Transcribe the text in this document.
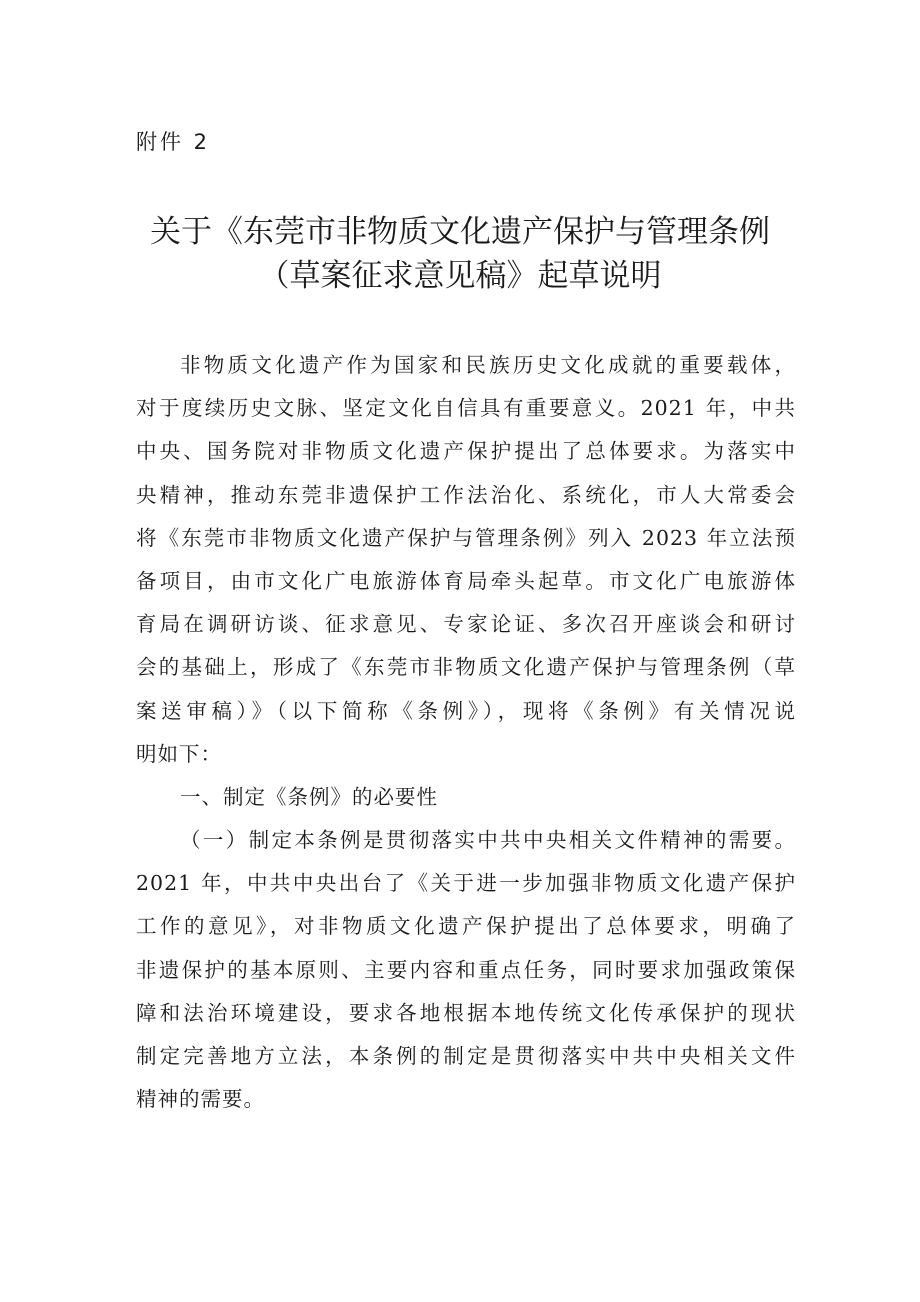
附件 2
关于《东莞市非物质文化遗产保护与管理条例
（草案征求意见稿》起草说明
非物质文化遗产作为国家和民族历史文化成就的重要载体，
对于度续历史文脉、坚定文化自信具有重要意义。2021 年，中共
中央、国务院对非物质文化遗产保护提出了总体要求。为落实中
央精神，推动东莞非遗保护工作法治化、系统化，市人大常委会
将《东莞市非物质文化遗产保护与管理条例》列入 2023 年立法预
备项目，由市文化广电旅游体育局牵头起草。市文化广电旅游体
育局在调研访谈、征求意见、专家论证、多次召开座谈会和研讨
会的基础上，形成了《东莞市非物质文化遗产保护与管理条例（草
案送审稿）》（以下简称《条例》），现将《条例》有关情况说
明如下：
一、制定《条例》的必要性
（一）制定本条例是贯彻落实中共中央相关文件精神的需要。
2021 年，中共中央出台了《关于进一步加强非物质文化遗产保护
工作的意见》，对非物质文化遗产保护提出了总体要求，明确了
非遗保护的基本原则、主要内容和重点任务，同时要求加强政策保
障和法治环境建设，要求各地根据本地传统文化传承保护的现状
制定完善地方立法，本条例的制定是贯彻落实中共中央相关文件
精神的需要。
